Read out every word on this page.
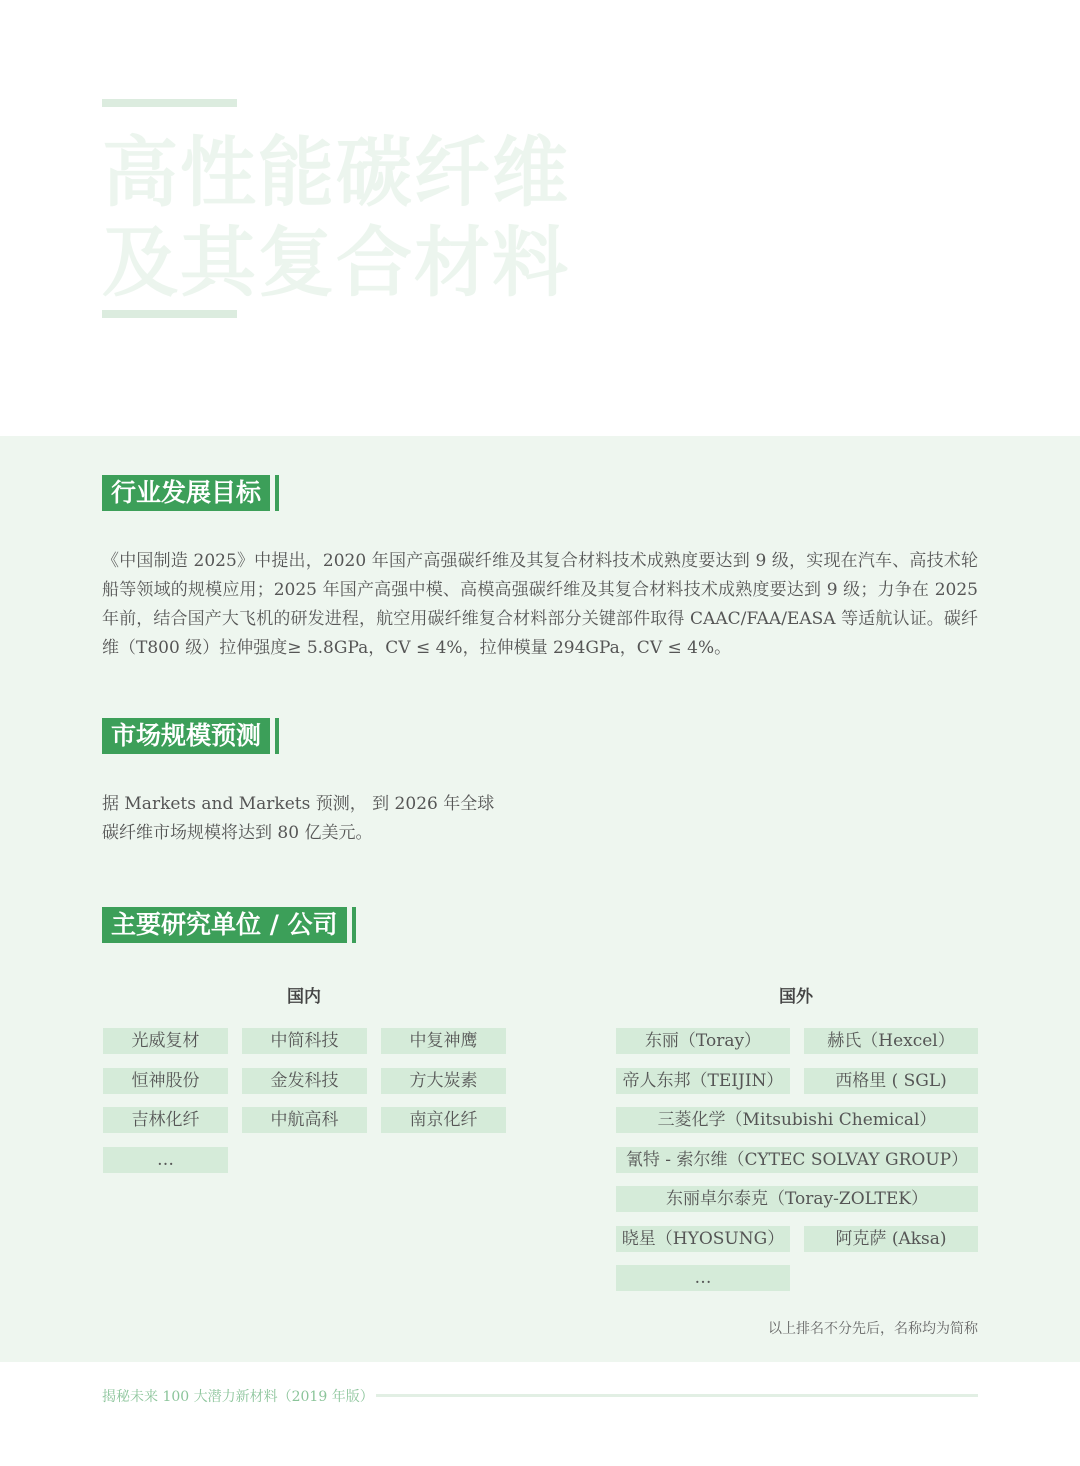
高性能碳纤维
及其复合材料
行业发展目标
《中国制造 2025》中提出，2020 年国产高强碳纤维及其复合材料技术成熟度要达到 9 级，实现在汽车、高技术轮船等领域的规模应用；2025 年国产高强中模、高模高强碳纤维及其复合材料技术成熟度要达到 9 级；力争在 2025 年前，结合国产大飞机的研发进程，航空用碳纤维复合材料部分关键部件取得 CAAC/FAA/EASA 等适航认证。碳纤维（T800 级）拉伸强度≥ 5.8GPa，CV ≤ 4%，拉伸模量 294GPa，CV ≤ 4%。
市场规模预测
据 Markets and Markets 预测， 到 2026 年全球
碳纤维市场规模将达到 80 亿美元。
主要研究单位 / 公司
国内	国外
光威复材	中简科技	中复神鹰
恒神股份	金发科技	方大炭素
吉林化纤	中航高科	南京化纤
…
东丽（Toray）	赫氏（Hexcel）
帝人东邦（TEIJIN）	西格里 ( SGL)
三菱化学（Mitsubishi Chemical）
氰特 - 索尔维（CYTEC SOLVAY GROUP）
东丽卓尔泰克（Toray-ZOLTEK）
晓星（HYOSUNG）	阿克萨 (Aksa)
…
以上排名不分先后，名称均为简称
揭秘未来 100 大潜力新材料（2019 年版）
